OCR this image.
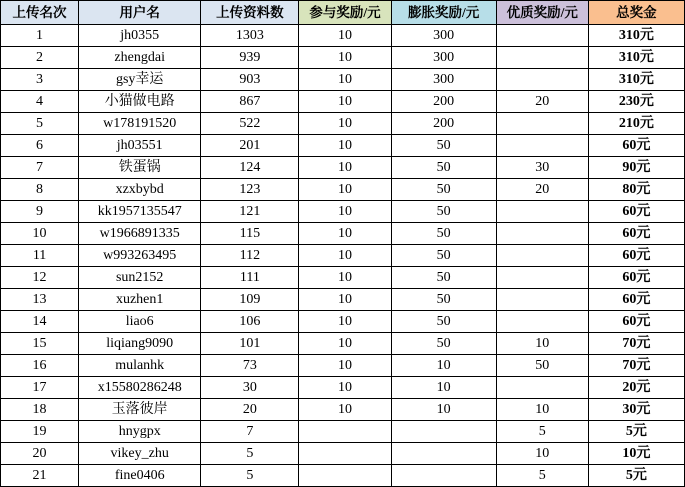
上传名次	用户名	上传资料数	参与奖励/元	膨胀奖励/元	优质奖励/元	总奖金
1	jh0355	1303	10	300		310元
2	zhengdai	939	10	300		310元
3	gsy幸运	903	10	300		310元
4	小猫做电路	867	10	200	20	230元
5	w178191520	522	10	200		210元
6	jh03551	201	10	50		60元
7	铁蛋锅	124	10	50	30	90元
8	xzxbybd	123	10	50	20	80元
9	kk1957135547	121	10	50		60元
10	w1966891335	115	10	50		60元
11	w993263495	112	10	50		60元
12	sun2152	111	10	50		60元
13	xuzhen1	109	10	50		60元
14	liao6	106	10	50		60元
15	liqiang9090	101	10	50	10	70元
16	mulanhk	73	10	10	50	70元
17	x15580286248	30	10	10		20元
18	玉落彼岸	20	10	10	10	30元
19	hnygpx	7			5	5元
20	vikey_zhu	5			10	10元
21	fine0406	5			5	5元
